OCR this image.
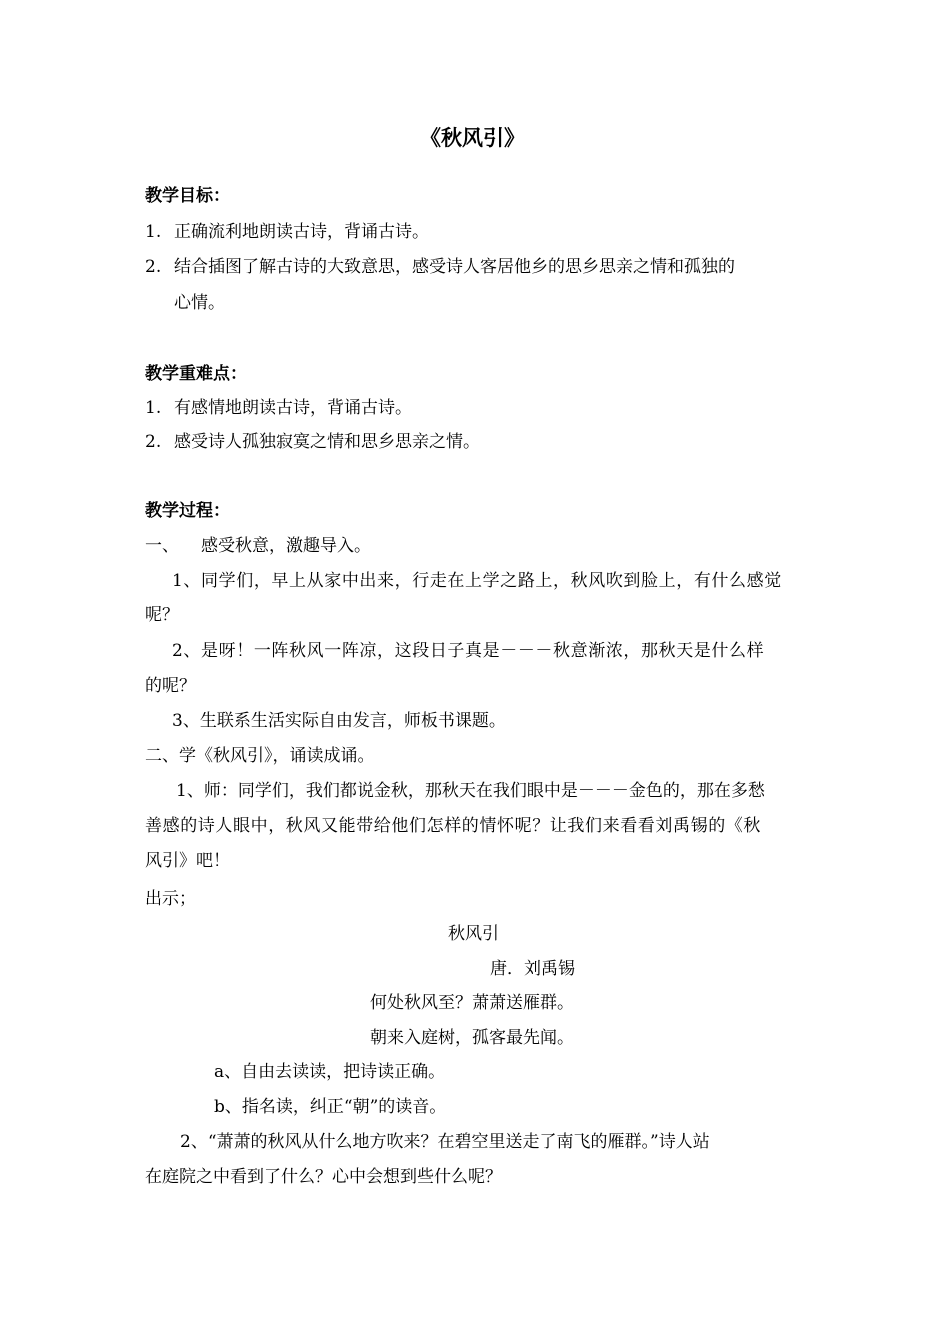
《秋风引》
教学目标：
1. 正确流利地朗读古诗，背诵古诗。
2. 结合插图了解古诗的大致意思，感受诗人客居他乡的思乡思亲之情和孤独的
心情。
教学重难点：
1. 有感情地朗读古诗，背诵古诗。
2. 感受诗人孤独寂寞之情和思乡思亲之情。
教学过程：
一、 感受秋意，激趣导入。
1、同学们，早上从家中出来，行走在上学之路上，秋风吹到脸上，有什么感觉
呢？
2、是呀！一阵秋风一阵凉，这段日子真是－－－秋意渐浓，那秋天是什么样
的呢？
3、生联系生活实际自由发言，师板书课题。
二、学《秋风引》，诵读成诵。
1、师：同学们，我们都说金秋，那秋天在我们眼中是－－－金色的，那在多愁
善感的诗人眼中，秋风又能带给他们怎样的情怀呢？让我们来看看刘禹锡的《秋
风引》吧！
出示；
秋风引
唐．刘禹锡
何处秋风至？萧萧送雁群。
朝来入庭树，孤客最先闻。
a、自由去读读，把诗读正确。
b、指名读，纠正“朝”的读音。
2、“萧萧的秋风从什么地方吹来？在碧空里送走了南飞的雁群。”诗人站
在庭院之中看到了什么？心中会想到些什么呢？
